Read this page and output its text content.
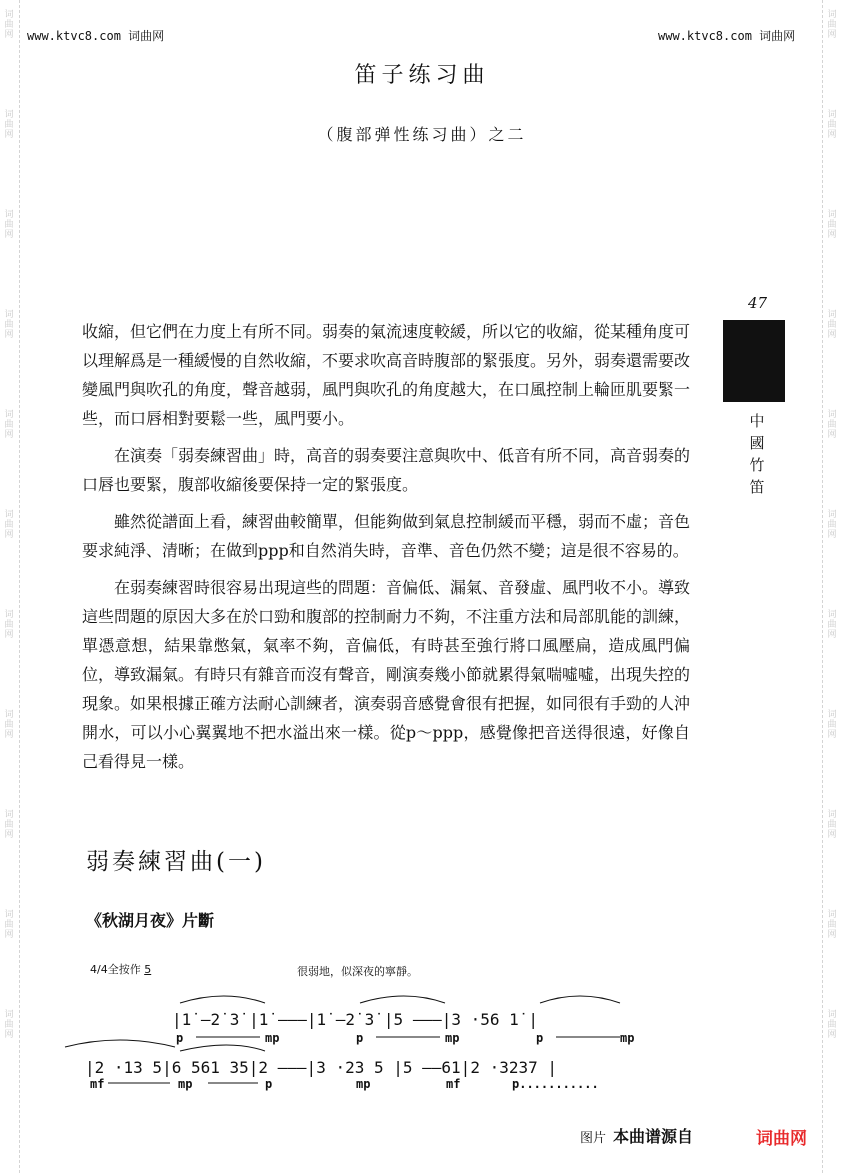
词曲网
词曲网
词曲网
词曲网
词曲网
词曲网
词曲网
词曲网
词曲网
词曲网
词曲网
词曲网
词曲网
词曲网
词曲网
词曲网
词曲网
词曲网
词曲网
词曲网
词曲网
词曲网
www.ktvc8.com 词曲网	www.ktvc8.com 词曲网
笛子练习曲
（腹部弹性练习曲）之二
47
中國竹笛

收縮，但它們在力度上有所不同。弱奏的氣流速度較緩，所以它的收縮，從某種角度可以理解爲是一種緩慢的自然收縮，不要求吹高音時腹部的緊張度。另外，弱奏還需要改變風門與吹孔的角度，聲音越弱，風門與吹孔的角度越大，在口風控制上輪匝肌要緊一些，而口唇相對要鬆一些，風門要小。

在演奏「弱奏練習曲」時，高音的弱奏要注意與吹中、低音有所不同，高音弱奏的口唇也要緊，腹部收縮後要保持一定的緊張度。

雖然從譜面上看，練習曲較簡單，但能夠做到氣息控制緩而平穩，弱而不虛；音色要求純淨、清晰；在做到ppp和自然消失時，音準、音色仍然不變；這是很不容易的。

在弱奏練習時很容易出現這些的問題：音偏低、漏氣、音發虛、風門收不小。導致這些問題的原因大多在於口勁和腹部的控制耐力不夠，不注重方法和局部肌能的訓練，單憑意想，結果靠憋氣，氣率不夠，音偏低，有時甚至強行將口風壓扁，造成風門偏位，導致漏氣。有時只有雜音而沒有聲音，剛演奏幾小節就累得氣喘噓噓，出現失控的現象。如果根據正確方法耐心訓練者，演奏弱音感覺會很有把握，如同很有手勁的人沖開水，可以小心翼翼地不把水溢出來一樣。從p～ppp，感覺像把音送得很遠，好像自己看得見一樣。

弱奏練習曲(一)
《秋湖月夜》片斷
4/4全按作 5	很弱地，似深夜的寧靜。
|1̇ —2̇ 3̇ |1̇ ———|1̇ —2̇ 3̇ |5 ———|3 ·56 1̇ |
p	mp	p	mp	p	mp
|2 ·13 5|6 561 35|2 ———|3 ·23 5 |5 ——61|2 ·3237 |
mf	mp	p	mp	mf	p...........
图片 本曲谱源自	词曲网
